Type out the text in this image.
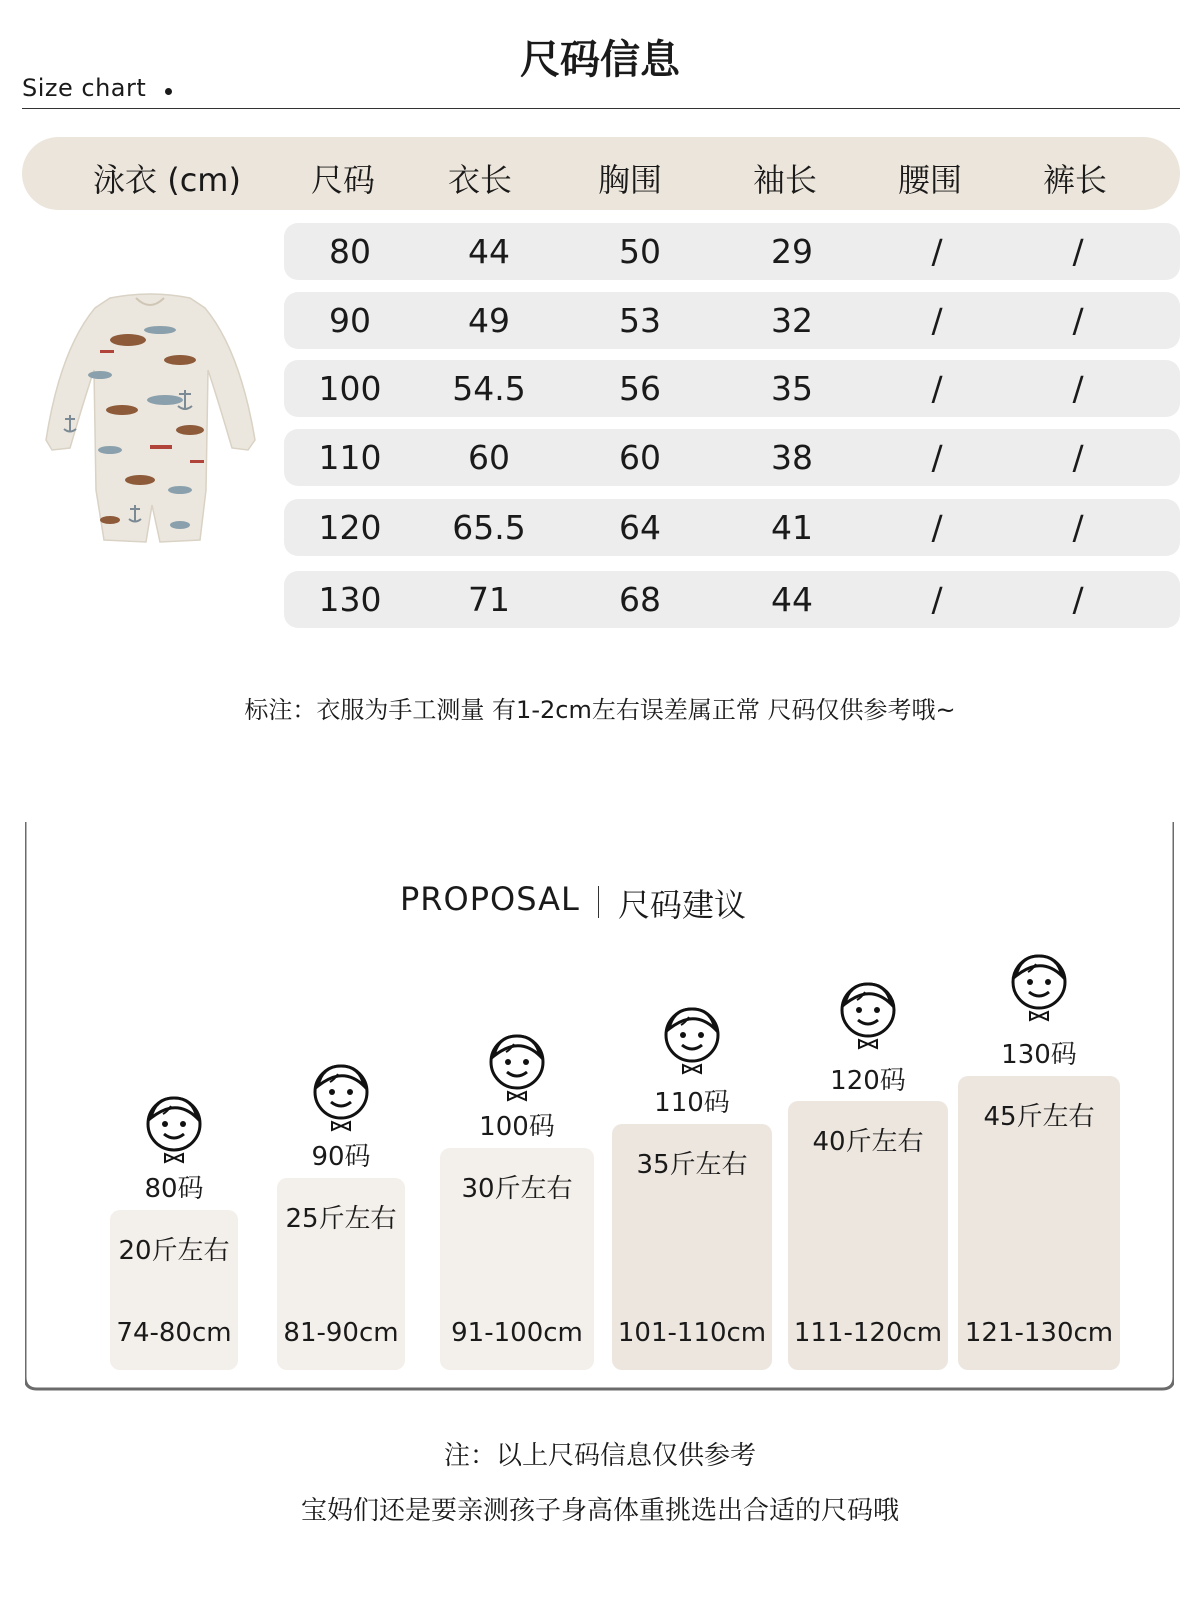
Size chart
尺码信息
泳衣 (cm)	尺码	衣长	胸围	袖长	腰围	裤长
80	44	50	29	/	/
90	49	53	32	/	/
100	54.5	56	35	/	/
110	60	60	38	/	/
120	65.5	64	41	/	/
130	71	68	44	/	/
标注：衣服为手工测量 有1-2cm左右误差属正常 尺码仅供参考哦~
PROPOSAL 尺码建议
80码
20斤左右
74-80cm
90码
25斤左右
81-90cm
100码
30斤左右
91-100cm
110码
35斤左右
101-110cm
120码
40斤左右
111-120cm
130码
45斤左右
121-130cm
注：以上尺码信息仅供参考
宝妈们还是要亲测孩子身高体重挑选出合适的尺码哦
